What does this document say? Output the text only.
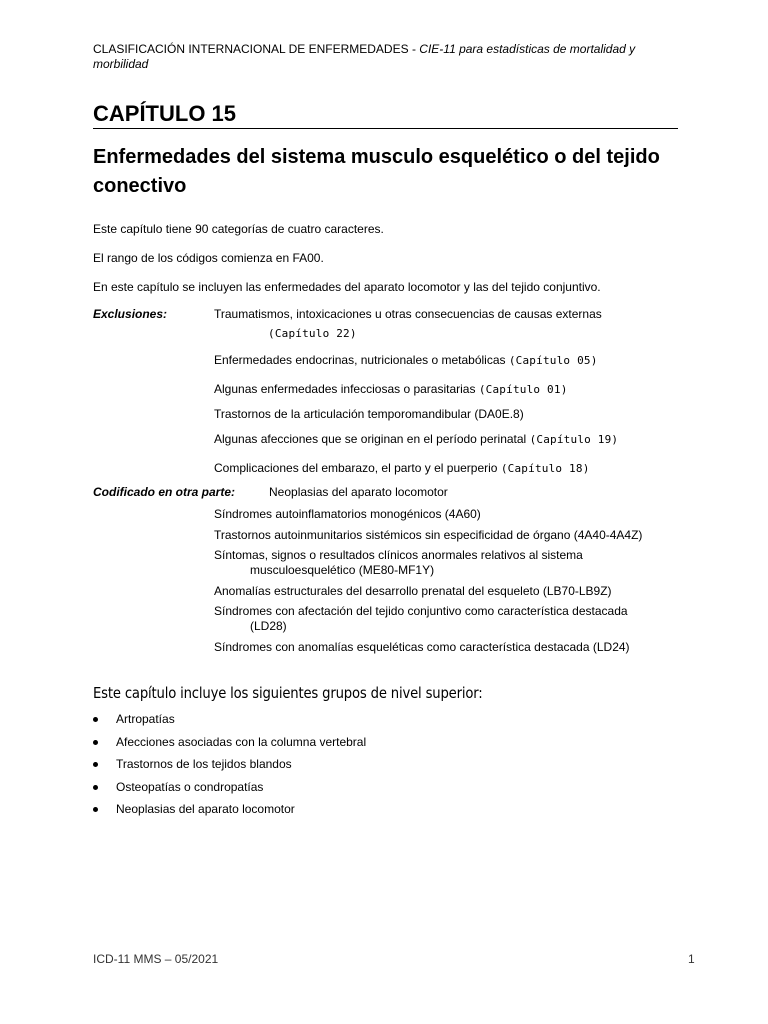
CLASIFICACIÓN INTERNACIONAL DE ENFERMEDADES - CIE-11 para estadísticas de mortalidad y morbilidad
CAPÍTULO 15
Enfermedades del sistema musculo esquelético o del tejido conectivo
Este capítulo tiene 90 categorías de cuatro caracteres.
El rango de los códigos comienza en FA00.
En este capítulo se incluyen las enfermedades del aparato locomotor y las del tejido conjuntivo.
Exclusiones:	Traumatismos, intoxicaciones u otras consecuencias de causas externas
(Capítulo 22)
Enfermedades endocrinas, nutricionales o metabólicas (Capítulo 05)
Algunas enfermedades infecciosas o parasitarias (Capítulo 01)
Trastornos de la articulación temporomandibular (DA0E.8)
Algunas afecciones que se originan en el período perinatal (Capítulo 19)
Complicaciones del embarazo, el parto y el puerperio (Capítulo 18)
Codificado en otra parte:	Neoplasias del aparato locomotor
Síndromes autoinflamatorios monogénicos (4A60)
Trastornos autoinmunitarios sistémicos sin especificidad de órgano (4A40-4A4Z)
Síntomas, signos o resultados clínicos anormales relativos al sistema
musculoesquelético (ME80-MF1Y)
Anomalías estructurales del desarrollo prenatal del esqueleto (LB70-LB9Z)
Síndromes con afectación del tejido conjuntivo como característica destacada
(LD28)
Síndromes con anomalías esqueléticas como característica destacada (LD24)
Este capítulo incluye los siguientes grupos de nivel superior:
Artropatías
Afecciones asociadas con la columna vertebral
Trastornos de los tejidos blandos
Osteopatías o condropatías
Neoplasias del aparato locomotor
ICD-11 MMS – 05/2021	1
